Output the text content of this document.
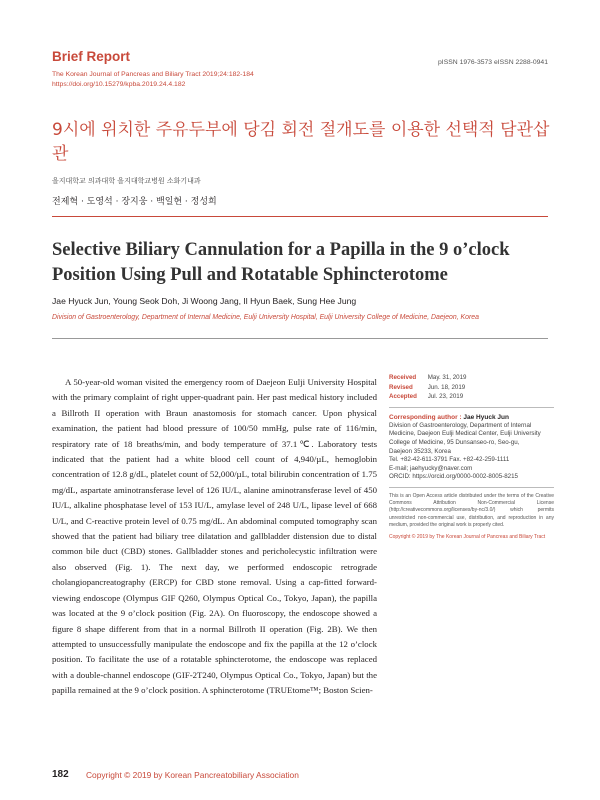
Brief Report	pISSN 1976-3573 eISSN 2288-0941
The Korean Journal of Pancreas and Biliary Tract 2019;24:182-184
https://doi.org/10.15279/kpba.2019.24.4.182
9시에 위치한 주유두부에 당김 회전 절개도를 이용한 선택적 담관삽관
을지대학교 의과대학 을지대학교병원 소화기내과
전제혁 · 도영석 · 장지웅 · 백일현 · 정성희
Selective Biliary Cannulation for a Papilla in the 9 o’clock Position Using Pull and Rotatable Sphincterotome
Jae Hyuck Jun, Young Seok Doh, Ji Woong Jang, Il Hyun Baek, Sung Hee Jung
Division of Gastroenterology, Department of Internal Medicine, Eulji University Hospital, Eulji University College of Medicine, Daejeon, Korea

A 50-year-old woman visited the emergency room of Daejeon Eulji University Hospital with the primary complaint of right upper-quadrant pain. Her past medical history included a Billroth II operation with Braun anastomosis for stomach cancer. Upon physical examination, the patient had blood pressure of 100/50 mmHg, pulse rate of 116/min, respiratory rate of 18 breaths/min, and body temperature of 37.1℃. Laboratory tests indicated that the patient had a white blood cell count of 4,940/µL, hemoglobin concentration of 12.8 g/dL, platelet count of 52,000/µL, total bilirubin concentration of 1.75 mg/dL, aspartate aminotransferase level of 126 IU/L, alanine aminotransferase level of 450 IU/L, alkaline phosphatase level of 153 IU/L, amylase level of 248 U/L, lipase level of 668 U/L, and C-reactive protein level of 0.75 mg/dL. An abdominal computed tomography scan showed that the patient had biliary tree dilatation and gallbladder distension due to distal common bile duct (CBD) stones. Gallbladder stones and pericholecystic infiltration were also observed (Fig. 1). The next day, we performed endoscopic retrograde cholangiopancreatography (ERCP) for CBD stone removal. Using a cap-fitted forward-viewing endoscope (Olympus GIF Q260, Olympus Optical Co., Tokyo, Japan), the papilla was located at the 9 o’clock position (Fig. 2A). On fluoroscopy, the endoscope showed a figure 8 shape different from that in a normal Billroth II operation (Fig. 2B). We then attempted to unsuccessfully manipulate the endoscope and fix the papilla at the 12 o’clock position. To facilitate the use of a rotatable sphincterotome, the endoscope was replaced with a double-channel endoscope (GIF-2T240, Olympus Optical Co., Tokyo, Japan) but the papilla remained at the 9 o’clock position. A sphincterotome (TRUEtome™; Boston Scien-

Received May. 31, 2019
Revised Jun. 18, 2019
Accepted Jul. 23, 2019
Corresponding author : Jae Hyuck Jun
Division of Gastroenterology, Department of Internal
Medicine, Daejeon Eulji Medical Center, Eulji University
College of Medicine, 95 Dunsanseo-ro, Seo-gu,
Daejeon 35233, Korea
Tel. +82-42-611-3791 Fax. +82-42-259-1111
E-mail; jaehyucky@naver.com
ORCID: https://orcid.org/0000-0002-8005-8215
This is an Open Access article distributed under the terms of the Creative Commons Attribution Non-Commercial License (http://creativecommons.org/licenses/by-nc/3.0/) which permits unrestricted non-commercial use, distribution, and reproduction in any medium, provided the original work is properly cited.
Copyright © 2019 by The Korean Journal of Pancreas and Biliary Tract
182 Copyright © 2019 by Korean Pancreatobiliary Association
